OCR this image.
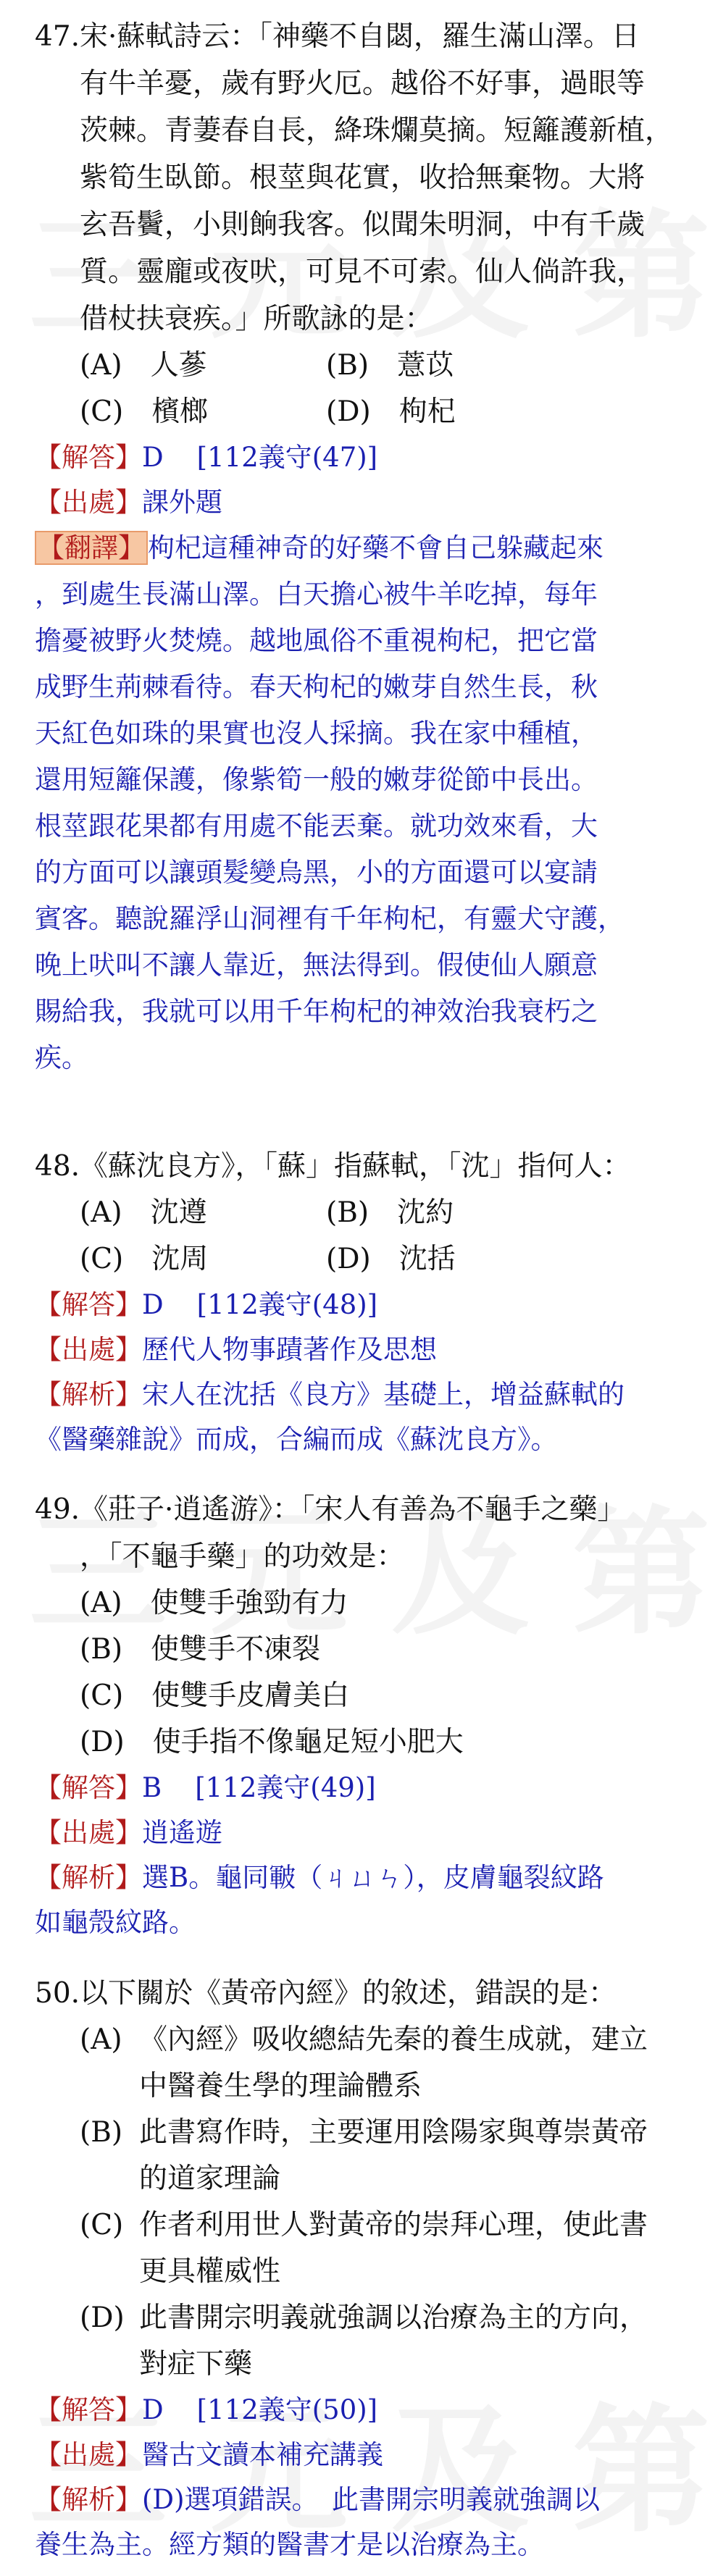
47.宋·蘇軾詩云：「神藥不自閟，羅生滿山澤。日
有牛羊憂，歲有野火厄。越俗不好事，過眼等
茨棘。青萋春自長，絳珠爛莫摘。短籬護新植，
紫筍生臥節。根莖與花實，收拾無棄物。大將
玄吾鬢，小則餉我客。似聞朱明洞，中有千歲
質。靈龐或夜吠，可見不可索。仙人倘許我，
借杖扶衰疾。」所歌詠的是：
(A)　人蔘	(B)　薏苡
(C)　檳榔	(D)　枸杞
【解答】D [112義守(47)]
【出處】課外題
【翻譯】 枸杞這種神奇的好藥不會自己躲藏起來
，到處生長滿山澤。白天擔心被牛羊吃掉，每年
擔憂被野火焚燒。越地風俗不重視枸杞，把它當
成野生荊棘看待。春天枸杞的嫩芽自然生長，秋
天紅色如珠的果實也沒人採摘。我在家中種植，
還用短籬保護，像紫筍一般的嫩芽從節中長出。
根莖跟花果都有用處不能丟棄。就功效來看，大
的方面可以讓頭髮變烏黑，小的方面還可以宴請
賓客。聽說羅浮山洞裡有千年枸杞，有靈犬守護，
晚上吠叫不讓人靠近，無法得到。假使仙人願意
賜給我，我就可以用千年枸杞的神效治我衰朽之
疾。
48.《蘇沈良方》，「蘇」指蘇軾，「沈」指何人：
(A)　沈遵	(B)　沈約
(C)　沈周	(D)　沈括
【解答】D [112義守(48)]
【出處】歷代人物事蹟著作及思想
【解析】宋人在沈括《良方》基礎上，增益蘇軾的
《醫藥雜說》而成，合編而成《蘇沈良方》。
49.《莊子·逍遙游》：「宋人有善為不龜手之藥」
，「不龜手藥」的功效是：
(A)　使雙手強勁有力
(B)　使雙手不凍裂
(C)　使雙手皮膚美白
(D)　使手指不像龜足短小肥大
【解答】B [112義守(49)]
【出處】逍遙遊
【解析】選B。龜同皸（ㄐㄩㄣ），皮膚龜裂紋路
如龜殼紋路。
50.以下關於《黃帝內經》的敘述，錯誤的是：
(A) 《內經》吸收總結先秦的養生成就，建立
中醫養生學的理論體系
(B) 此書寫作時，主要運用陰陽家與尊崇黃帝
的道家理論
(C) 作者利用世人對黃帝的崇拜心理，使此書
更具權威性
(D) 此書開宗明義就強調以治療為主的方向，
對症下藥
【解答】D [112義守(50)]
【出處】醫古文讀本補充講義
【解析】(D)選項錯誤。　此書開宗明義就強調以
養生為主。經方類的醫書才是以治療為主。
